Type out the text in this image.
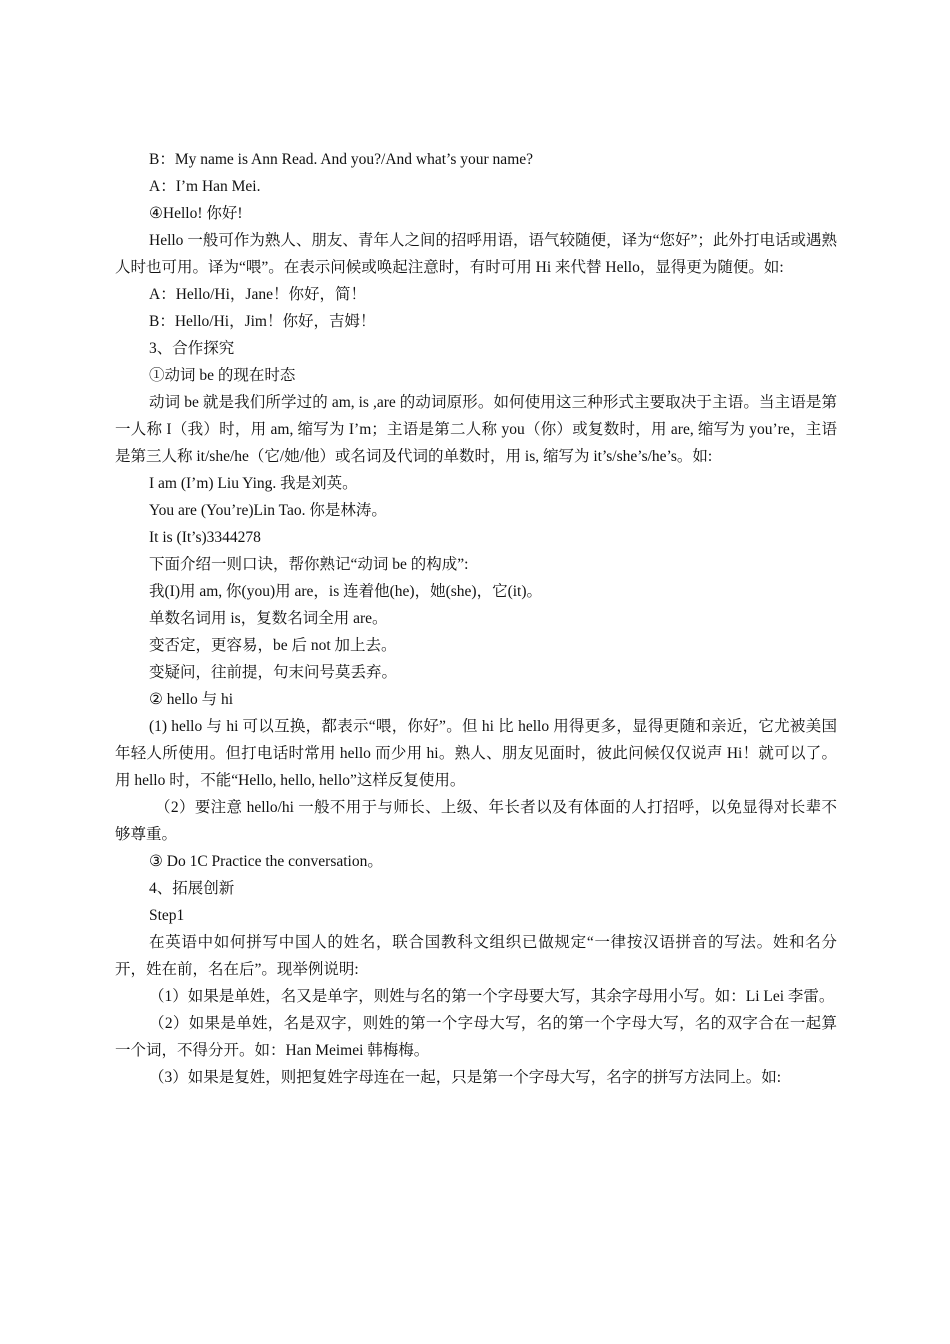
B：My name is Ann Read. And you?/And what’s your name?

A：I’m Han Mei.

④Hello! 你好!

Hello 一般可作为熟人、朋友、青年人之间的招呼用语，语气较随便，译为“您好”；此外打电话或遇熟人时也可用。译为“喂”。在表示问候或唤起注意时，有时可用 Hi 来代替 Hello，显得更为随便。如:

A：Hello/Hi，Jane！你好，简！

B：Hello/Hi，Jim！你好，吉姆！

3、合作探究

①动词 be 的现在时态

动词 be 就是我们所学过的 am, is ,are 的动词原形。如何使用这三种形式主要取决于主语。当主语是第一人称 I（我）时，用 am, 缩写为 I’m；主语是第二人称 you（你）或复数时，用 are, 缩写为 you’re，主语是第三人称 it/she/he（它/她/他）或名词及代词的单数时，用 is, 缩写为 it’s/she’s/he’s。如:

I am (I’m) Liu Ying. 我是刘英。

You are (You’re)Lin Tao. 你是林涛。

It is (It’s)3344278

下面介绍一则口诀，帮你熟记“动词 be 的构成”:

我(I)用 am, 你(you)用 are，is 连着他(he)，她(she)，它(it)。

单数名词用 is，复数名词全用 are。

变否定，更容易，be 后 not 加上去。

变疑问，往前提，句末问号莫丢弃。

② hello 与 hi

(1) hello 与 hi 可以互换，都表示“喂，你好”。但 hi 比 hello 用得更多，显得更随和亲近，它尤被美国年轻人所使用。但打电话时常用 hello 而少用 hi。熟人、朋友见面时，彼此问候仅仅说声 Hi！就可以了。用 hello 时，不能“Hello, hello, hello”这样反复使用。

（2）要注意 hello/hi 一般不用于与师长、上级、年长者以及有体面的人打招呼，以免显得对长辈不够尊重。

③ Do 1C Practice the conversation。

4、拓展创新

Step1

在英语中如何拼写中国人的姓名，联合国教科文组织已做规定“一律按汉语拼音的写法。姓和名分开，姓在前，名在后”。现举例说明:

（1）如果是单姓，名又是单字，则姓与名的第一个字母要大写，其余字母用小写。如：Li Lei 李雷。

（2）如果是单姓，名是双字，则姓的第一个字母大写，名的第一个字母大写，名的双字合在一起算一个词，不得分开。如：Han Meimei 韩梅梅。

（3）如果是复姓，则把复姓字母连在一起，只是第一个字母大写，名字的拼写方法同上。如:
